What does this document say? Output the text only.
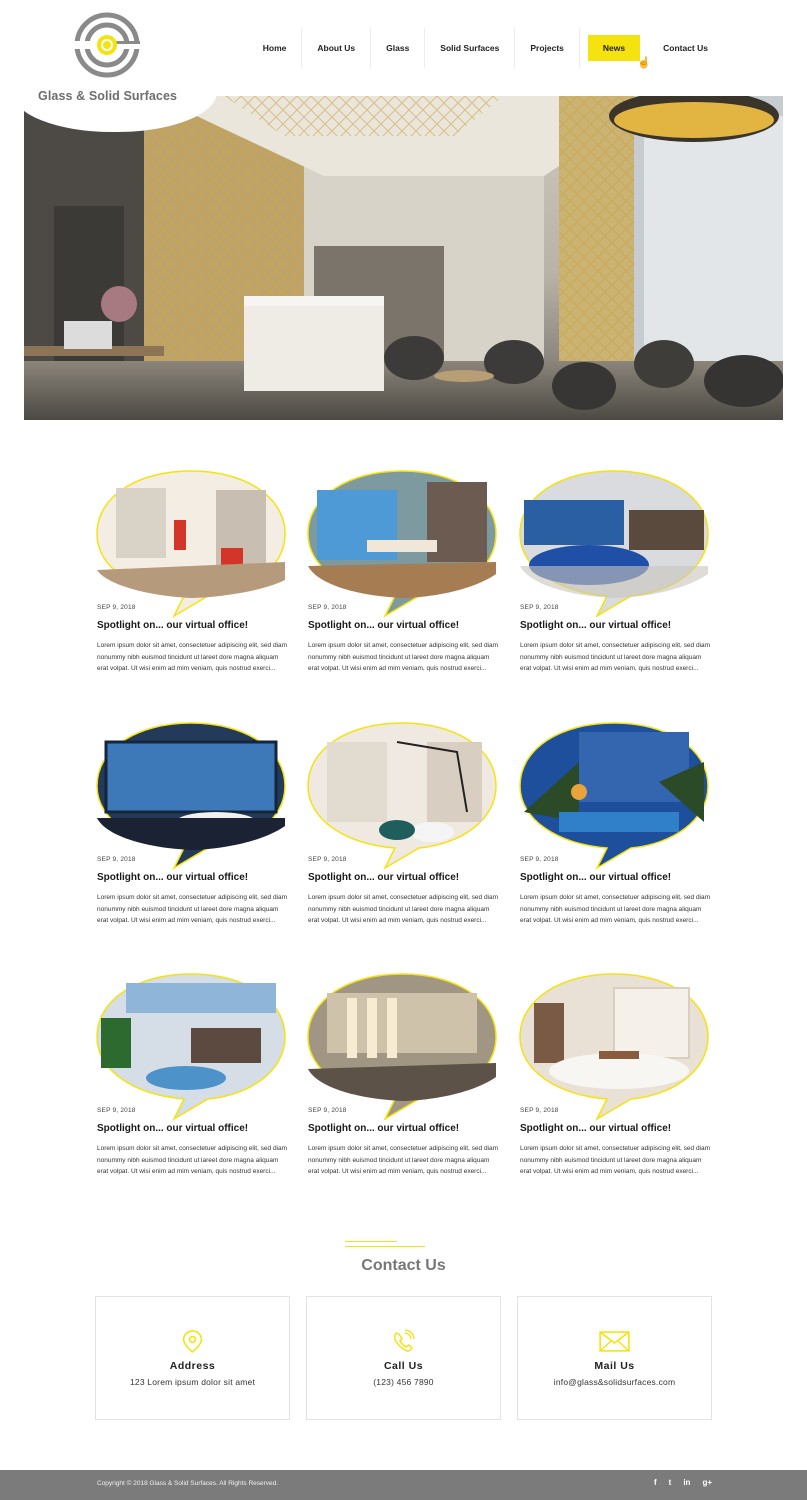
Glass & Solid Surfaces
Home	About Us	Glass	Solid Surfaces	Projects	News	Contact Us
☝
SEP 9, 2018
Spotlight on... our virtual office!
Lorem ipsum dolor sit amet, consectetuer adipiscing elit, sed diam nonummy nibh euismod tincidunt ut lareet dore magna aliquam erat volpat. Ut wisi enim ad mim veniam, quis nostrud exerci...
SEP 9, 2018
Spotlight on... our virtual office!
Lorem ipsum dolor sit amet, consectetuer adipiscing elit, sed diam nonummy nibh euismod tincidunt ut lareet dore magna aliquam erat volpat. Ut wisi enim ad mim veniam, quis nostrud exerci...
SEP 9, 2018
Spotlight on... our virtual office!
Lorem ipsum dolor sit amet, consectetuer adipiscing elit, sed diam nonummy nibh euismod tincidunt ut lareet dore magna aliquam erat volpat. Ut wisi enim ad mim veniam, quis nostrud exerci...
SEP 9, 2018
Spotlight on... our virtual office!
Lorem ipsum dolor sit amet, consectetuer adipiscing elit, sed diam nonummy nibh euismod tincidunt ut lareet dore magna aliquam erat volpat. Ut wisi enim ad mim veniam, quis nostrud exerci...
SEP 9, 2018
Spotlight on... our virtual office!
Lorem ipsum dolor sit amet, consectetuer adipiscing elit, sed diam nonummy nibh euismod tincidunt ut lareet dore magna aliquam erat volpat. Ut wisi enim ad mim veniam, quis nostrud exerci...
SEP 9, 2018
Spotlight on... our virtual office!
Lorem ipsum dolor sit amet, consectetuer adipiscing elit, sed diam nonummy nibh euismod tincidunt ut lareet dore magna aliquam erat volpat. Ut wisi enim ad mim veniam, quis nostrud exerci...
SEP 9, 2018
Spotlight on... our virtual office!
Lorem ipsum dolor sit amet, consectetuer adipiscing elit, sed diam nonummy nibh euismod tincidunt ut lareet dore magna aliquam erat volpat. Ut wisi enim ad mim veniam, quis nostrud exerci...
SEP 9, 2018
Spotlight on... our virtual office!
Lorem ipsum dolor sit amet, consectetuer adipiscing elit, sed diam nonummy nibh euismod tincidunt ut lareet dore magna aliquam erat volpat. Ut wisi enim ad mim veniam, quis nostrud exerci...
SEP 9, 2018
Spotlight on... our virtual office!
Lorem ipsum dolor sit amet, consectetuer adipiscing elit, sed diam nonummy nibh euismod tincidunt ut lareet dore magna aliquam erat volpat. Ut wisi enim ad mim veniam, quis nostrud exerci...
Contact Us
Address
123 Lorem ipsum dolor sit amet
Call Us
(123) 456 7890
Mail Us
info@glass&solidsurfaces.com
Copyright © 2018 Glass & Solid Surfaces. All Rights Reserved.	f t in g+
